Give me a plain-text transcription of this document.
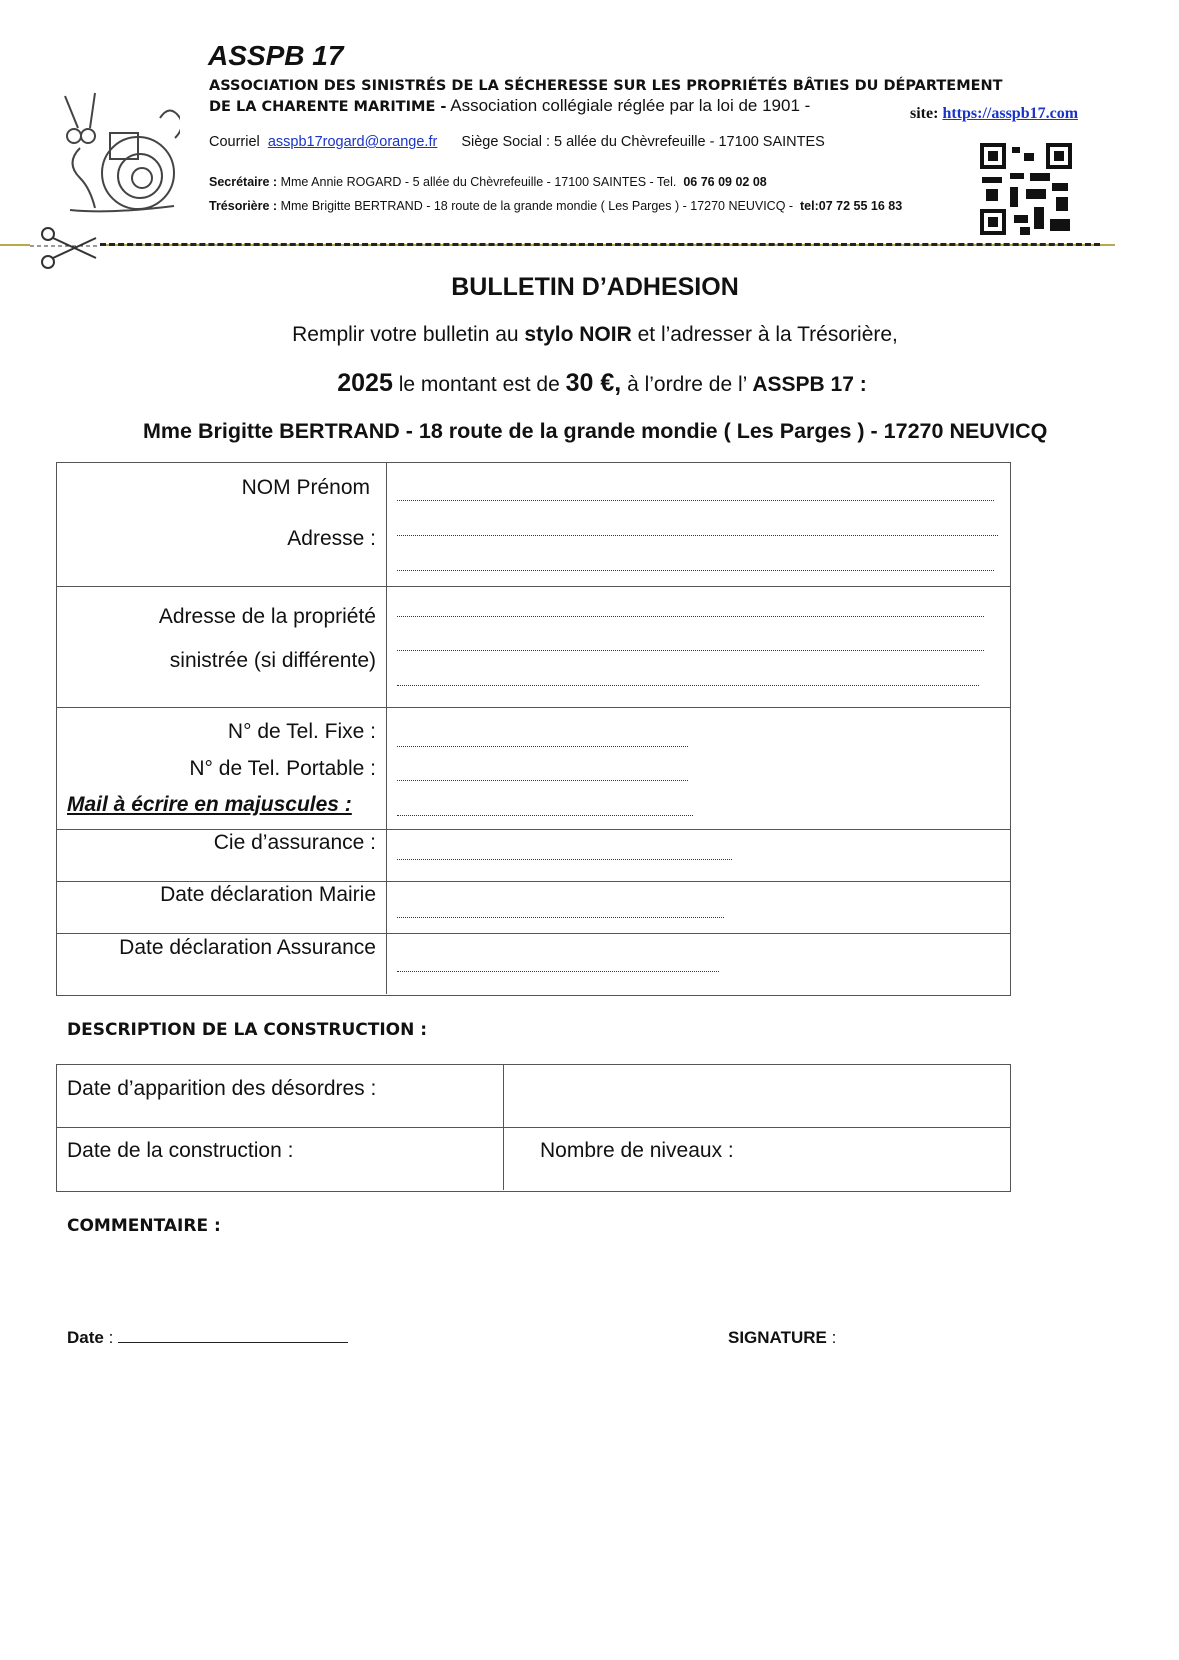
ASSPB 17
ASSOCIATION DES SINISTRÉS DE LA SÉCHERESSE SUR LES PROPRIÉTÉS BÂTIES DU DÉPARTEMENT
DE LA CHARENTE MARITIME - Association collégiale réglée par la loi de 1901 -	site: https://asspb17.com
Courriel asspb17rogard@orange.fr Siège Social : 5 allée du Chèvrefeuille - 17100 SAINTES
Secrétaire : Mme Annie ROGARD - 5 allée du Chèvrefeuille - 17100 SAINTES - Tel. 06 76 09 02 08
Trésorière : Mme Brigitte BERTRAND - 18 route de la grande mondie ( Les Parges ) - 17270 NEUVICQ - tel:07 72 55 16 83
BULLETIN D’ADHESION
Remplir votre bulletin au stylo NOIR et l’adresser à la Trésorière,
2025 le montant est de 30 €, à l’ordre de l’ ASSPB 17 :
Mme Brigitte BERTRAND - 18 route de la grande mondie ( Les Parges ) - 17270 NEUVICQ
NOM Prénom
Adresse :
Adresse de la propriété
sinistrée (si différente)
N° de Tel. Fixe :
N° de Tel. Portable :
Mail à écrire en majuscules :
Cie d’assurance :
Date déclaration Mairie
Date déclaration Assurance
DESCRIPTION DE LA CONSTRUCTION :
Date d’apparition des désordres :
Date de la construction :	Nombre de niveaux :
COMMENTAIRE :
Date :	SIGNATURE :
